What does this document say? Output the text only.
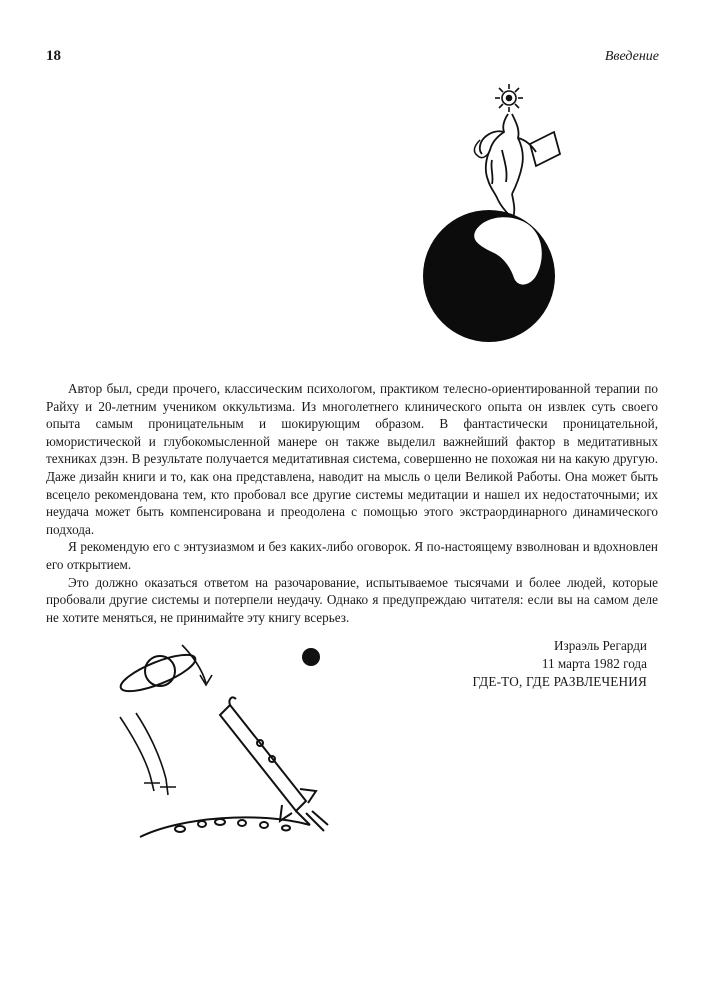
18	Введение

Автор был, среди прочего, классическим психологом, практиком телесно-ориентированной терапии по Райху и 20-летним учеником оккультизма. Из многолетнего клинического опыта он извлек суть своего опыта самым проницательным и шокирующим образом. В фантастически проницательной, юмористической и глубокомысленной манере он также выделил важнейший фактор в медитативных техниках дзэн. В результате получается медитативная система, совершенно не похожая ни на какую другую. Даже дизайн книги и то, как она представлена, наводит на мысль о цели Великой Работы. Она может быть всецело рекомендована тем, кто пробовал все другие системы медитации и нашел их недостаточными; их неудача может быть компенсирована и преодолена с помощью этого экстраординарного динамического подхода.

Я рекомендую его с энтузиазмом и без каких-либо оговорок. Я по-настоящему взволнован и вдохновлен его открытием.

Это должно оказаться ответом на разочарование, испытываемое тысячами и более людей, которые пробовали другие системы и потерпели неудачу. Однако я предупреждаю читателя: если вы на самом деле не хотите меняться, не принимайте эту книгу всерьез.

Израэль Регарди
11 марта 1982 года
ГДЕ-ТО, ГДЕ РАЗВЛЕЧЕНИЯ
